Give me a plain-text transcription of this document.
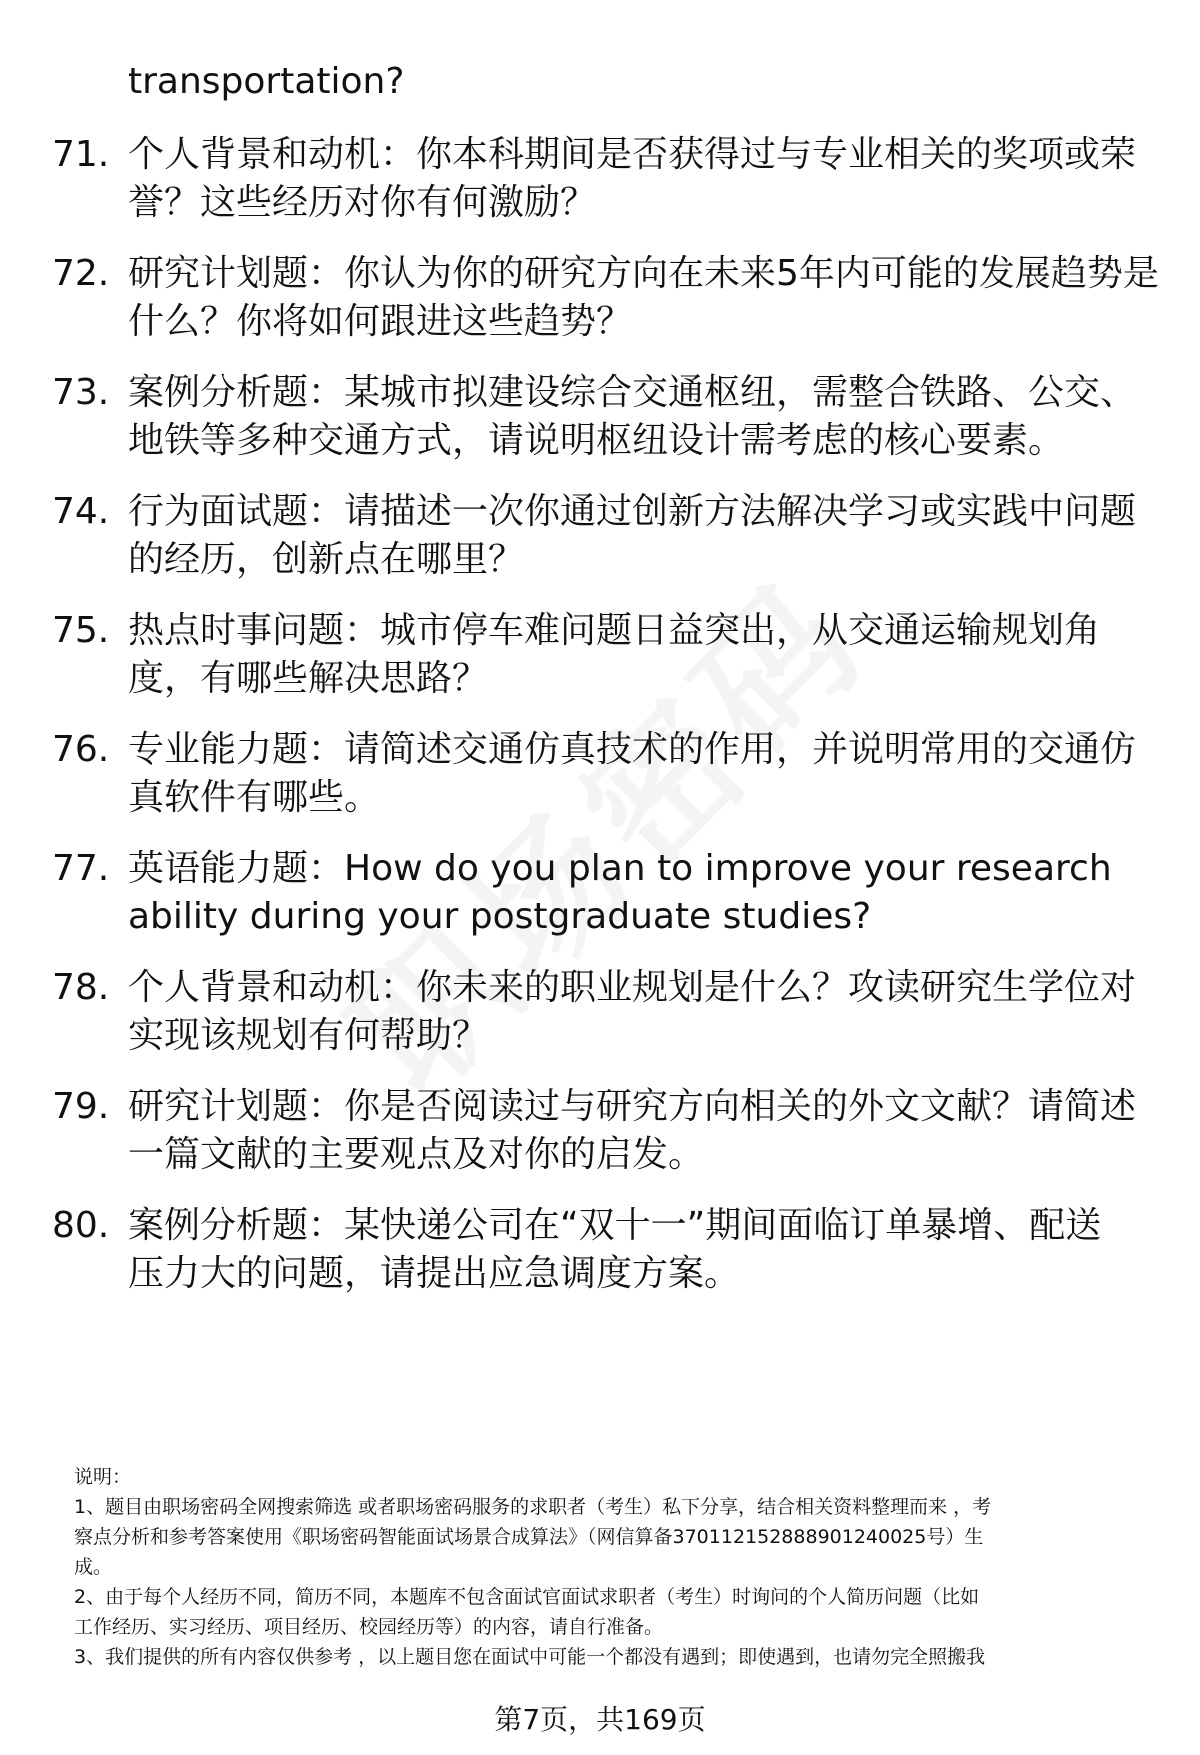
transportation?
71. 个人背景和动机：你本科期间是否获得过与专业相关的奖项或荣
誉？这些经历对你有何激励？
72. 研究计划题：你认为你的研究方向在未来5年内可能的发展趋势是
什么？你将如何跟进这些趋势？
73. 案例分析题：某城市拟建设综合交通枢纽，需整合铁路、公交、
地铁等多种交通方式，请说明枢纽设计需考虑的核心要素。
74. 行为面试题：请描述一次你通过创新方法解决学习或实践中问题
的经历，创新点在哪里？
75. 热点时事问题：城市停车难问题日益突出，从交通运输规划角
度，有哪些解决思路？
76. 专业能力题：请简述交通仿真技术的作用，并说明常用的交通仿
真软件有哪些。
77. 英语能力题：How do you plan to improve your research
ability during your postgraduate studies?
78. 个人背景和动机：你未来的职业规划是什么？攻读研究生学位对
实现该规划有何帮助？
79. 研究计划题：你是否阅读过与研究方向相关的外文文献？请简述
一篇文献的主要观点及对你的启发。
80. 案例分析题：某快递公司在“双十一”期间面临订单暴增、配送
压力大的问题，请提出应急调度方案。
说明：
1、题目由职场密码全网搜索筛选 或者职场密码服务的求职者（考生）私下分享，结合相关资料整理而来 ，考
察点分析和参考答案使用《职场密码智能面试场景合成算法》（网信算备370112152888901240025号）生
成。
2、由于每个人经历不同，简历不同，本题库不包含面试官面试求职者（考生）时询问的个人简历问题（比如
工作经历、实习经历、项目经历、校园经历等）的内容，请自行准备。
3、我们提供的所有内容仅供参考 ，以上题目您在面试中可能一个都没有遇到；即使遇到，也请勿完全照搬我
第7页，共169页
